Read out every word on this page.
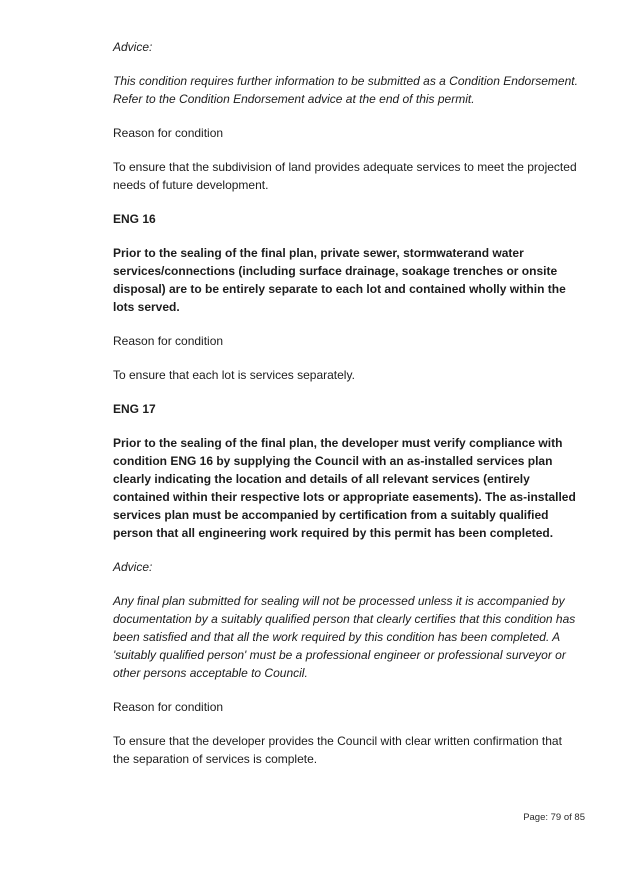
Advice:

This condition requires further information to be submitted as a Condition Endorsement. Refer to the Condition Endorsement advice at the end of this permit.

Reason for condition

To ensure that the subdivision of land provides adequate services to meet the projected needs of future development.

ENG 16

Prior to the sealing of the final plan, private sewer, stormwaterand water services/connections (including surface drainage, soakage trenches or onsite disposal) are to be entirely separate to each lot and contained wholly within the lots served.

Reason for condition

To ensure that each lot is services separately.

ENG 17

Prior to the sealing of the final plan, the developer must verify compliance with condition ENG 16 by supplying the Council with an as-installed services plan clearly indicating the location and details of all relevant services (entirely contained within their respective lots or appropriate easements). The as-installed services plan must be accompanied by certification from a suitably qualified person that all engineering work required by this permit has been completed.

Advice:

Any final plan submitted for sealing will not be processed unless it is accompanied by documentation by a suitably qualified person that clearly certifies that this condition has been satisfied and that all the work required by this condition has been completed. A 'suitably qualified person' must be a professional engineer or professional surveyor or other persons acceptable to Council.

Reason for condition

To ensure that the developer provides the Council with clear written confirmation that the separation of services is complete.

Page: 79 of 85
